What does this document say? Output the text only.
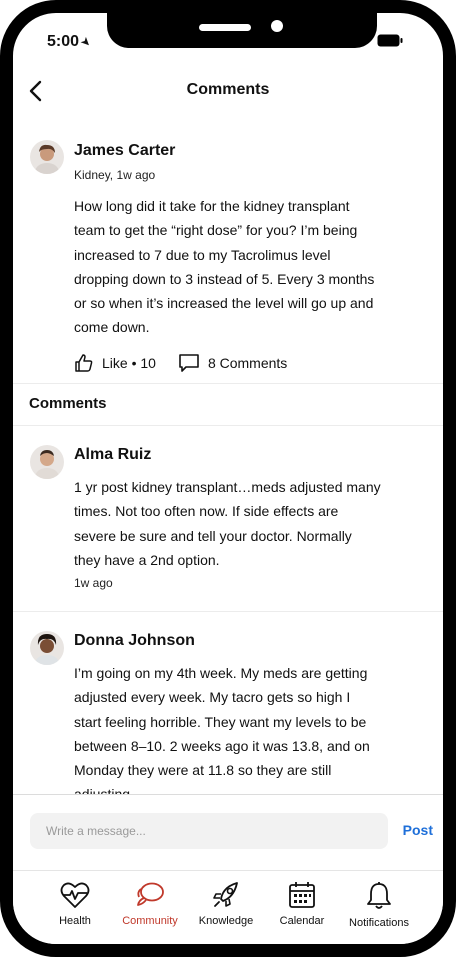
5:00➤
Comments
James Carter
Kidney, 1w ago
How long did it take for the kidney transplant
team to get the “right dose” for you? I’m being
increased to 7 due to my Tacrolimus level
dropping down to 3 instead of 5. Every 3 months
or so when it’s increased the level will go up and
come down.
Like • 10	8 Comments
Comments
Alma Ruiz
1 yr post kidney transplant…meds adjusted many
times. Not too often now. If side effects are
severe be sure and tell your doctor. Normally
they have a 2nd option.
1w ago
Donna Johnson
I’m going on my 4th week. My meds are getting
adjusted every week. My tacro gets so high I
start feeling horrible. They want my levels to be
between 8–10. 2 weeks ago it was 13.8, and on
Monday they were at 11.8 so they are still
Write a message...
Post
Health	Community	Knowledge	Calendar	Notifications
